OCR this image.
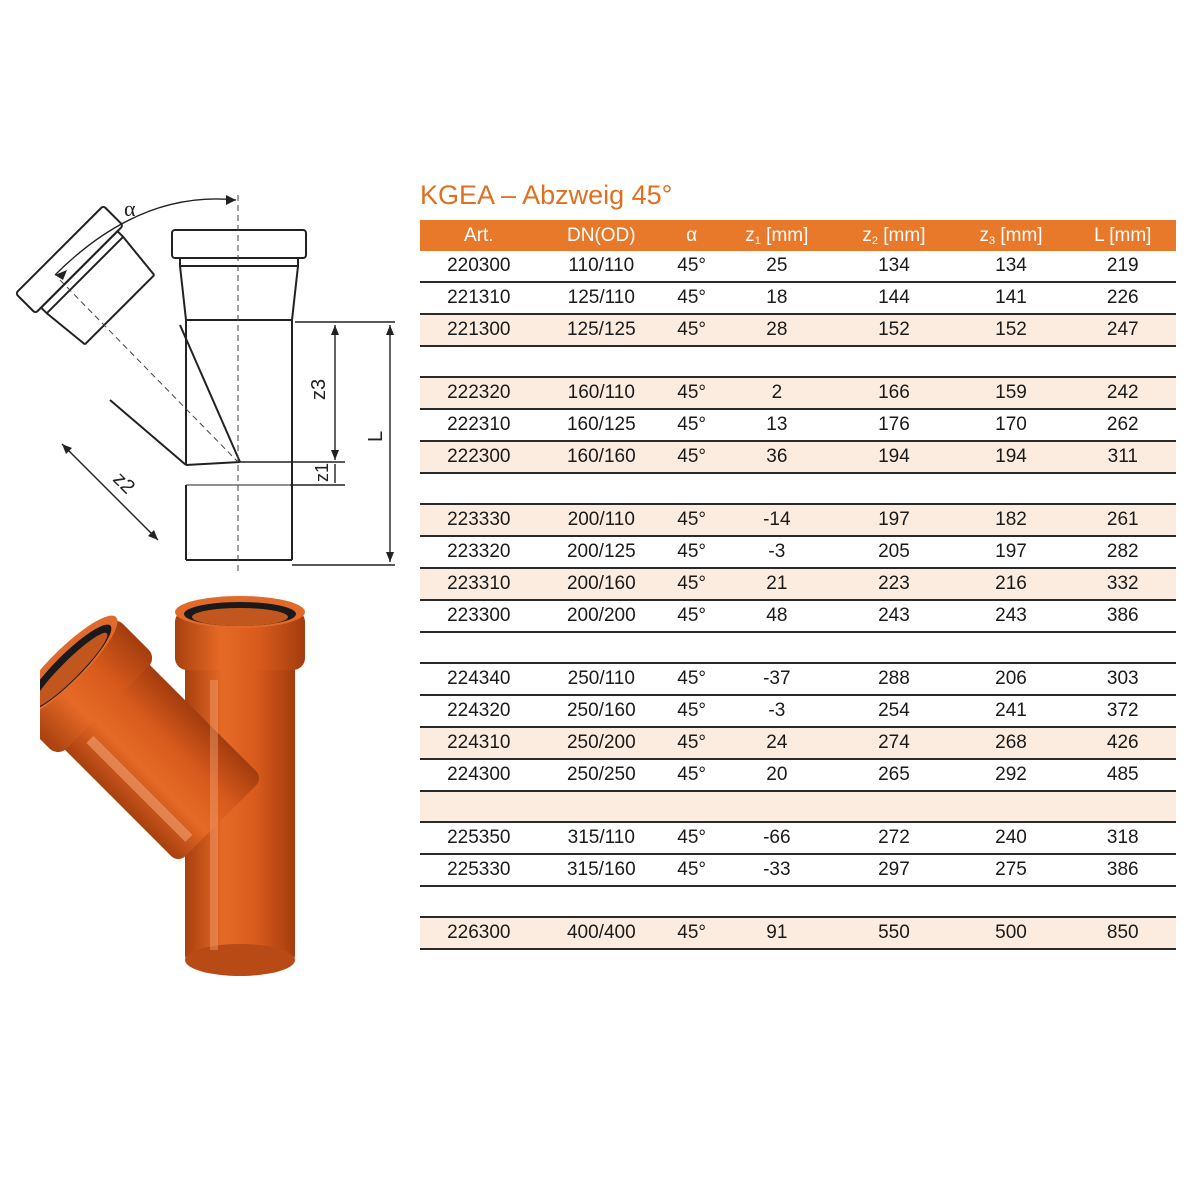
α
z3
z1
z2
L
KGEA – Abzweig 45°
Art.	DN(OD)	α	$z_1$ [mm]	$z_2$ [mm]	$z_3$ [mm]	L [mm]
220300	110/110	45°	25	134	134	219
221310	125/110	45°	18	144	141	226
221300	125/125	45°	28	152	152	247

222320	160/110	45°	2	166	159	242
222310	160/125	45°	13	176	170	262
222300	160/160	45°	36	194	194	311

223330	200/110	45°	-14	197	182	261
223320	200/125	45°	-3	205	197	282
223310	200/160	45°	21	223	216	332
223300	200/200	45°	48	243	243	386

224340	250/110	45°	-37	288	206	303
224320	250/160	45°	-3	254	241	372
224310	250/200	45°	24	274	268	426
224300	250/250	45°	20	265	292	485

225350	315/110	45°	-66	272	240	318
225330	315/160	45°	-33	297	275	386

226300	400/400	45°	91	550	500	850
